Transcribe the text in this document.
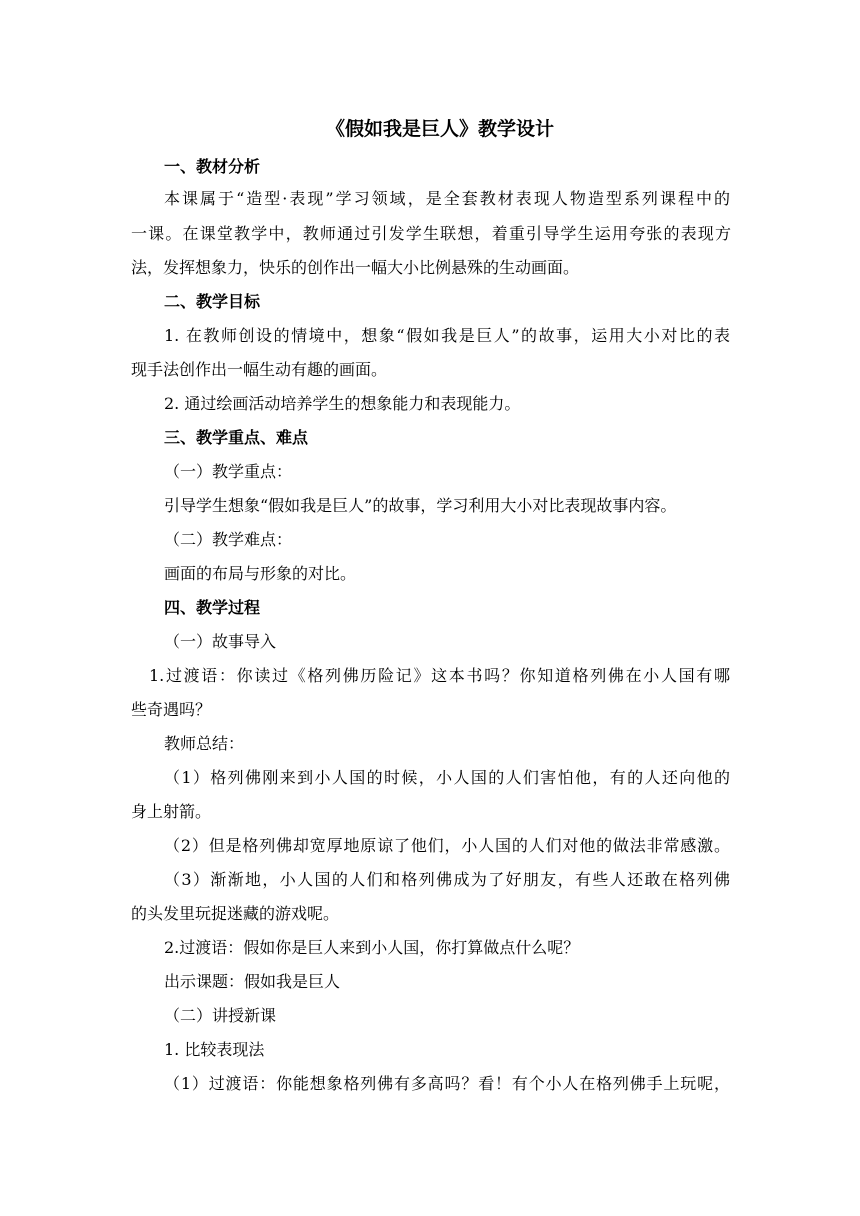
《假如我是巨人》教学设计
一、教材分析
本课属于“造型·表现”学习领域，是全套教材表现人物造型系列课程中的
一课。在课堂教学中，教师通过引发学生联想，着重引导学生运用夸张的表现方
法，发挥想象力，快乐的创作出一幅大小比例悬殊的生动画面。
二、教学目标
1. 在教师创设的情境中，想象“假如我是巨人”的故事，运用大小对比的表
现手法创作出一幅生动有趣的画面。
2. 通过绘画活动培养学生的想象能力和表现能力。
三、教学重点、难点
（一）教学重点：
引导学生想象“假如我是巨人”的故事，学习利用大小对比表现故事内容。
（二）教学难点：
画面的布局与形象的对比。
四、教学过程
（一）故事导入
1.过渡语：你读过《格列佛历险记》这本书吗？你知道格列佛在小人国有哪
些奇遇吗？
教师总结：
（1）格列佛刚来到小人国的时候，小人国的人们害怕他，有的人还向他的
身上射箭。
（2）但是格列佛却宽厚地原谅了他们，小人国的人们对他的做法非常感激。
（3）渐渐地，小人国的人们和格列佛成为了好朋友，有些人还敢在格列佛
的头发里玩捉迷藏的游戏呢。
2.过渡语：假如你是巨人来到小人国，你打算做点什么呢？
出示课题：假如我是巨人
（二）讲授新课
1. 比较表现法
（1）过渡语：你能想象格列佛有多高吗？看！有个小人在格列佛手上玩呢，
